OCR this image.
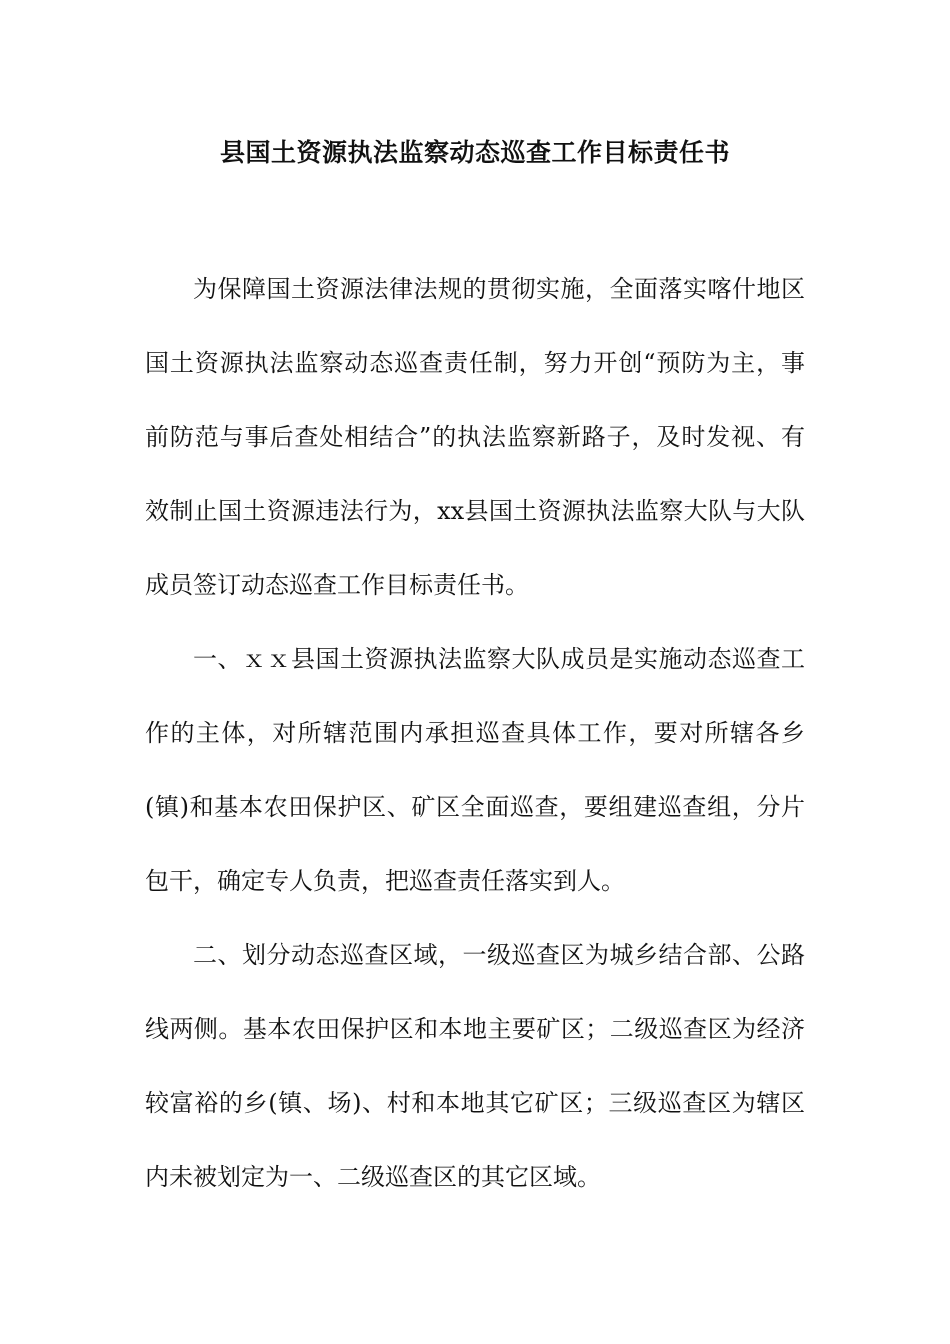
县国土资源执法监察动态巡查工作目标责任书

为保障国土资源法律法规的贯彻实施，全面落实喀什地区国土资源执法监察动态巡查责任制，努力开创“预防为主，事前防范与事后查处相结合”的执法监察新路子，及时发视、有效制止国土资源违法行为，xx县国土资源执法监察大队与大队成员签订动态巡查工作目标责任书。

一、ｘｘ县国土资源执法监察大队成员是实施动态巡查工作的主体，对所辖范围内承担巡查具体工作，要对所辖各乡(镇)和基本农田保护区、矿区全面巡查，要组建巡查组，分片包干，确定专人负责，把巡查责任落实到人。

二、划分动态巡查区域，一级巡查区为城乡结合部、公路线两侧。基本农田保护区和本地主要矿区；二级巡查区为经济较富裕的乡(镇、场)、村和本地其它矿区；三级巡查区为辖区内未被划定为一、二级巡查区的其它区域。
